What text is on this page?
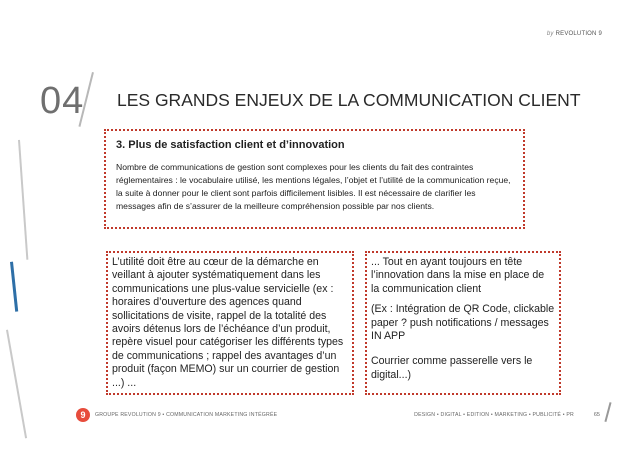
by REVOLUTION 9
04 LES GRANDS ENJEUX DE LA COMMUNICATION CLIENT
3. Plus de satisfaction client et d’innovation

Nombre de communications de gestion sont complexes pour les clients du fait des contraintes réglementaires : le vocabulaire utilisé, les mentions légales, l’objet et l’utilité de la communication reçue, la suite à donner pour le client sont parfois difficilement lisibles. Il est nécessaire de clarifier les messages afin de s’assurer de la meilleure compréhension possible par nos clients.

L’utilité doit être au cœur de la démarche en veillant à ajouter systématiquement dans les communications une plus-value servicielle (ex : horaires d’ouverture des agences quand sollicitations de visite, rappel de la totalité des avoirs détenus lors de l’échéance d’un produit, repère visuel pour catégoriser les différents types de communications ; rappel des avantages d’un produit (façon MEMO) sur un courrier de gestion ...) ...

... Tout en ayant toujours en tête l’innovation dans la mise en place de la communication client

(Ex : Intégration de QR Code, clickable paper ? push notifications / messages IN APP

Courrier comme passerelle vers le digital...)

9	GROUPE REVOLUTION 9 • COMMUNICATION MARKETING INTÉGRÉE	DESIGN • DIGITAL • EDITION • MARKETING • PUBLICITÉ • PR	65
